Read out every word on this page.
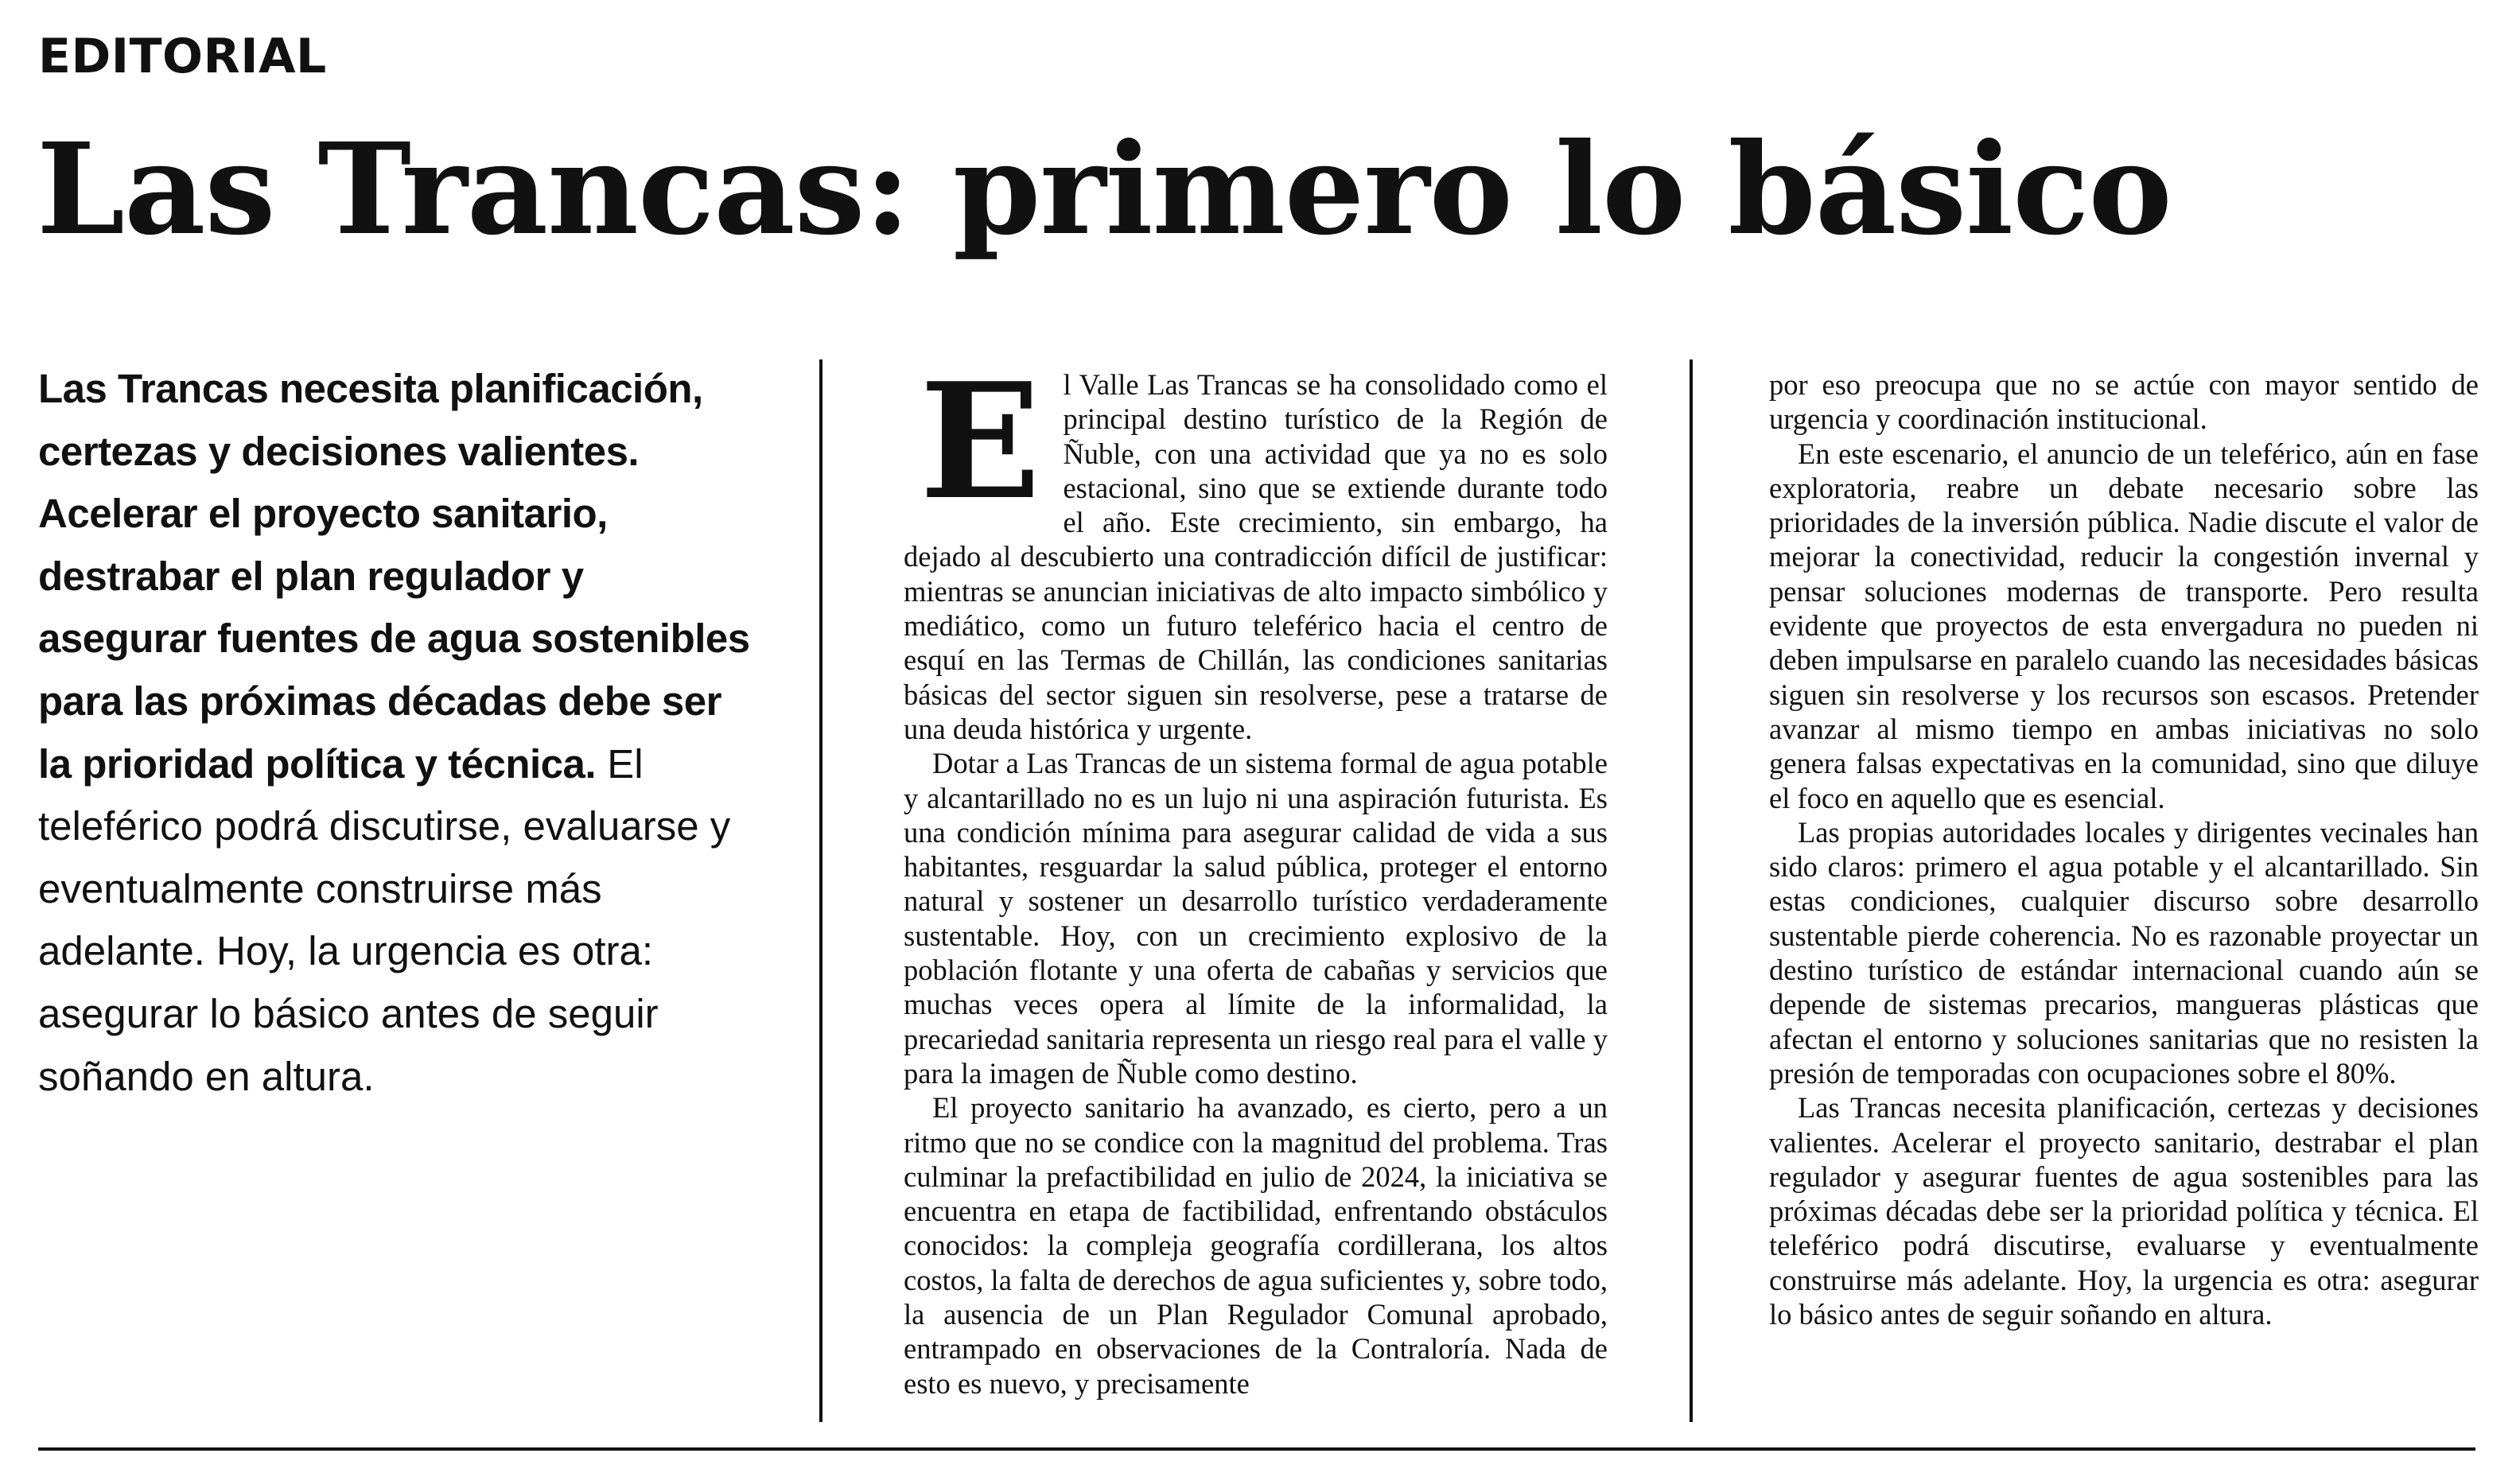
EDITORIAL
Las Trancas: primero lo básico
Las Trancas necesita planificación, certezas y decisiones valientes. Acelerar el proyecto sanitario, destrabar el plan regulador y asegurar fuentes de agua sostenibles para las próximas décadas debe ser la prioridad política y técnica. El teleférico podrá discutirse, evaluarse y eventualmente construirse más adelante. Hoy, la urgencia es otra: asegurar lo básico antes de seguir soñando en altura.

El Valle Las Trancas se ha consolidado como el principal destino turístico de la Región de Ñuble, con una actividad que ya no es solo estacional, sino que se extiende durante todo el año. Este crecimiento, sin embargo, ha dejado al descubierto una contradicción difícil de justificar: mientras se anuncian iniciativas de alto impacto simbólico y mediático, como un futuro teleférico hacia el centro de esquí en las Termas de Chillán, las condiciones sanitarias básicas del sector siguen sin resolverse, pese a tratarse de una deuda histórica y urgente.

Dotar a Las Trancas de un sistema formal de agua potable y alcantarillado no es un lujo ni una aspiración futurista. Es una condición mínima para asegurar calidad de vida a sus habitantes, resguardar la salud pública, proteger el entorno natural y sostener un desarrollo turístico verdaderamente sustentable. Hoy, con un crecimiento explosivo de la población flotante y una oferta de cabañas y servicios que muchas veces opera al límite de la informalidad, la precariedad sanitaria representa un riesgo real para el valle y para la imagen de Ñuble como destino.

El proyecto sanitario ha avanzado, es cierto, pero a un ritmo que no se condice con la magnitud del problema. Tras culminar la prefactibilidad en julio de 2024, la iniciativa se encuentra en etapa de factibilidad, enfrentando obstáculos conocidos: la compleja geografía cordillerana, los altos costos, la falta de derechos de agua suficientes y, sobre todo, la ausencia de un Plan Regulador Comunal aprobado, entrampado en observaciones de la Contraloría. Nada de esto es nuevo, y precisamente

por eso preocupa que no se actúe con mayor sentido de urgencia y coordinación institucional.

En este escenario, el anuncio de un teleférico, aún en fase exploratoria, reabre un debate necesario sobre las prioridades de la inversión pública. Nadie discute el valor de mejorar la conectividad, reducir la congestión invernal y pensar soluciones modernas de transporte. Pero resulta evidente que proyectos de esta envergadura no pueden ni deben impulsarse en paralelo cuando las necesidades básicas siguen sin resolverse y los recursos son escasos. Pretender avanzar al mismo tiempo en ambas iniciativas no solo genera falsas expectativas en la comunidad, sino que diluye el foco en aquello que es esencial.

Las propias autoridades locales y dirigentes vecinales han sido claros: primero el agua potable y el alcantarillado. Sin estas condiciones, cualquier discurso sobre desarrollo sustentable pierde coherencia. No es razonable proyectar un destino turístico de estándar internacional cuando aún se depende de sistemas precarios, mangueras plásticas que afectan el entorno y soluciones sanitarias que no resisten la presión de temporadas con ocupaciones sobre el 80%.

Las Trancas necesita planificación, certezas y decisiones valientes. Acelerar el proyecto sanitario, destrabar el plan regulador y asegurar fuentes de agua sostenibles para las próximas décadas debe ser la prioridad política y técnica. El teleférico podrá discutirse, evaluarse y eventualmente construirse más adelante. Hoy, la urgencia es otra: asegurar lo básico antes de seguir soñando en altura.
